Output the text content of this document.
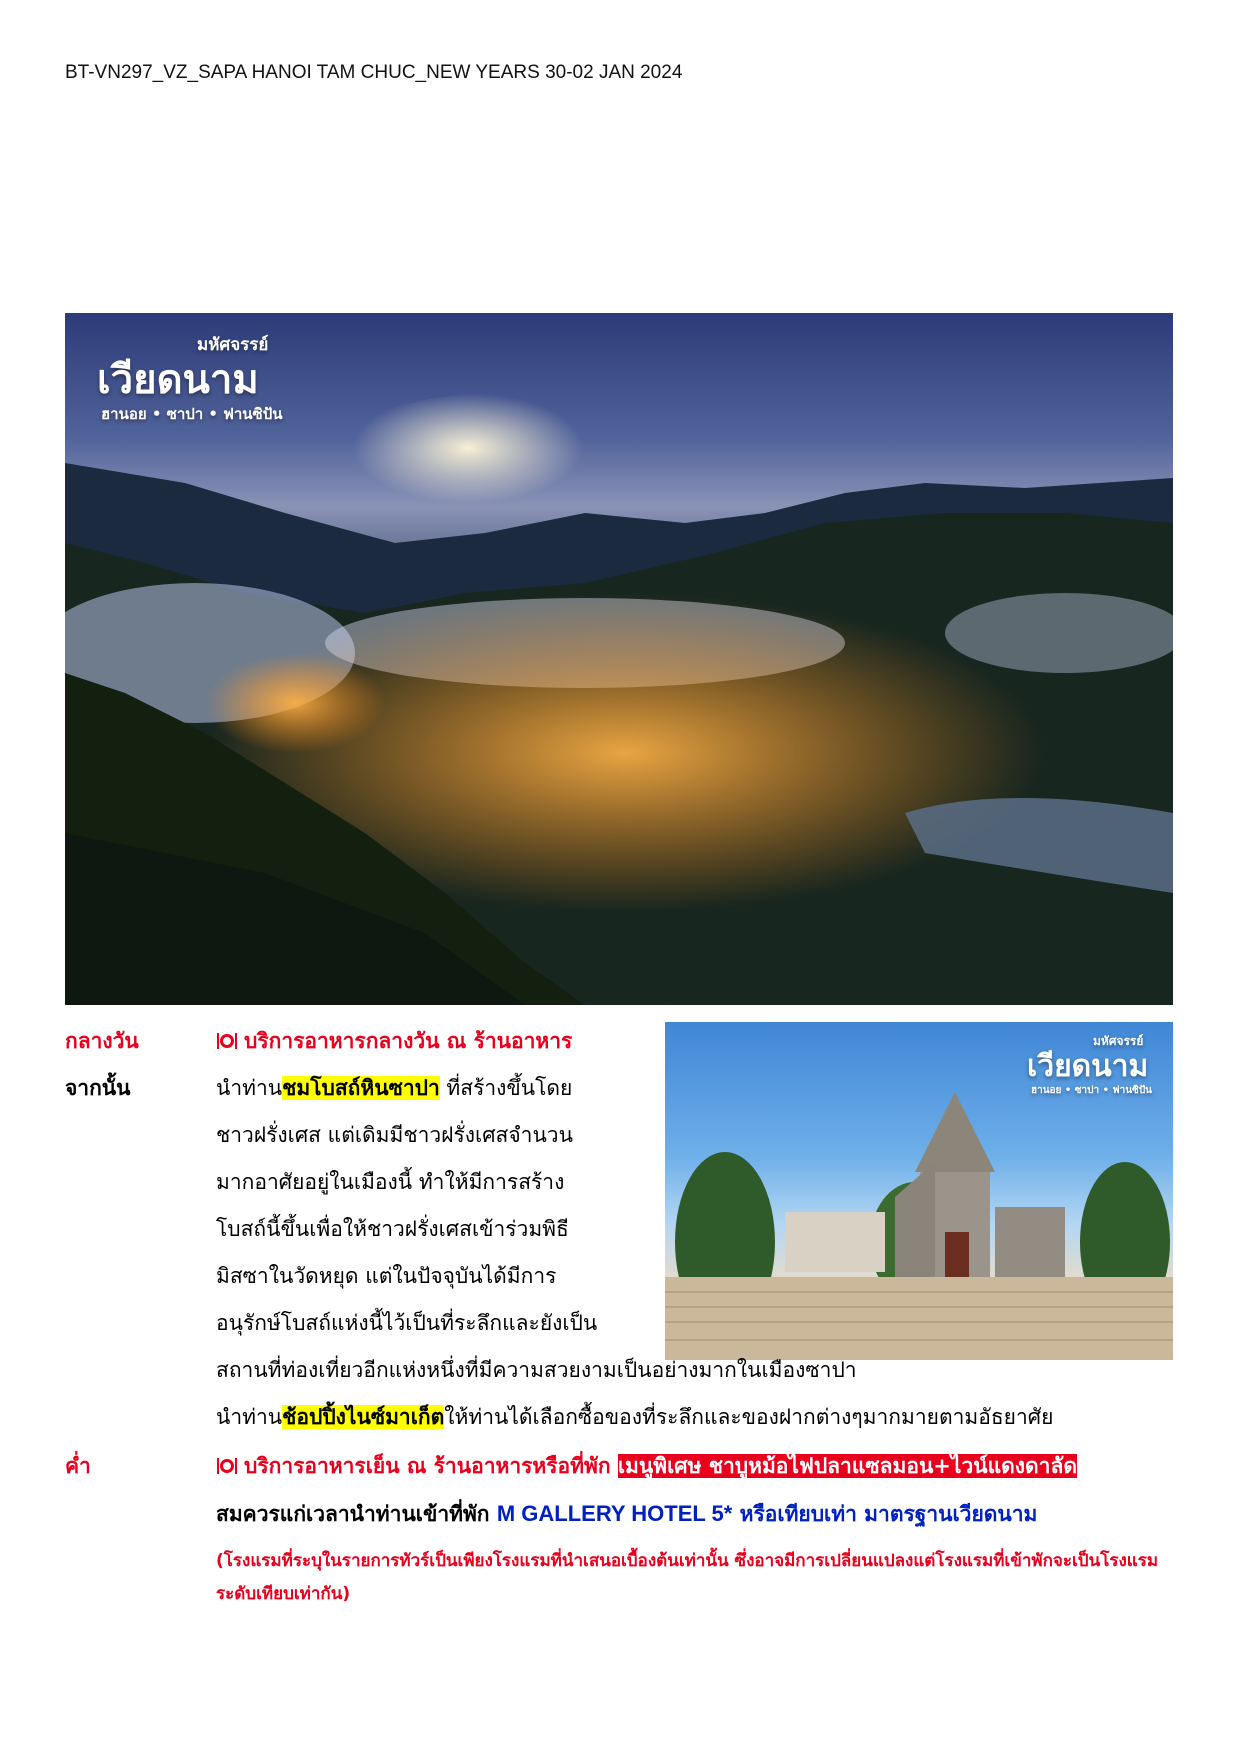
BT-VN297_VZ_SAPA HANOI TAM CHUC_NEW YEARS 30-02 JAN 2024
มหัศจรรย์
เวียดนาม
ฮานอย • ซาปา • ฟานซิปัน
มหัศจรรย์
เวียดนาม
ฮานอย • ซาปา • ฟานซิปัน
กลางวัน	บริการอาหารกลางวัน ณ ร้านอาหาร
จากนั้น	นำท่านชมโบสถ์หินซาปา ที่สร้างขึ้นโดย
ชาวฝรั่งเศส แต่เดิมมีชาวฝรั่งเศสจำนวน
มากอาศัยอยู่ในเมืองนี้ ทำให้มีการสร้าง
โบสถ์นี้ขึ้นเพื่อให้ชาวฝรั่งเศสเข้าร่วมพิธี
มิสซาในวัดหยุด แต่ในปัจจุบันได้มีการ
อนุรักษ์โบสถ์แห่งนี้ไว้เป็นที่ระลึกและยังเป็น
สถานที่ท่องเที่ยวอีกแห่งหนึ่งที่มีความสวยงามเป็นอย่างมากในเมืองซาปา
นำท่านช้อปปิ้งไนซ์มาเก็ตให้ท่านได้เลือกซื้อของที่ระลึกและของฝากต่างๆมากมายตามอัธยาศัย
ค่ำ	บริการอาหารเย็น ณ ร้านอาหารหรือที่พัก เมนูพิเศษ ชาบูหม้อไฟปลาแซลมอน+ไวน์แดงดาลัด
สมควรแก่เวลานำท่านเข้าที่พัก M GALLERY HOTEL 5* หรือเทียบเท่า มาตรฐานเวียดนาม
(โรงแรมที่ระบุในรายการทัวร์เป็นเพียงโรงแรมที่นำเสนอเบื้องต้นเท่านั้น ซึ่งอาจมีการเปลี่ยนแปลงแต่โรงแรมที่เข้าพักจะเป็นโรงแรมระดับเทียบเท่ากัน)
